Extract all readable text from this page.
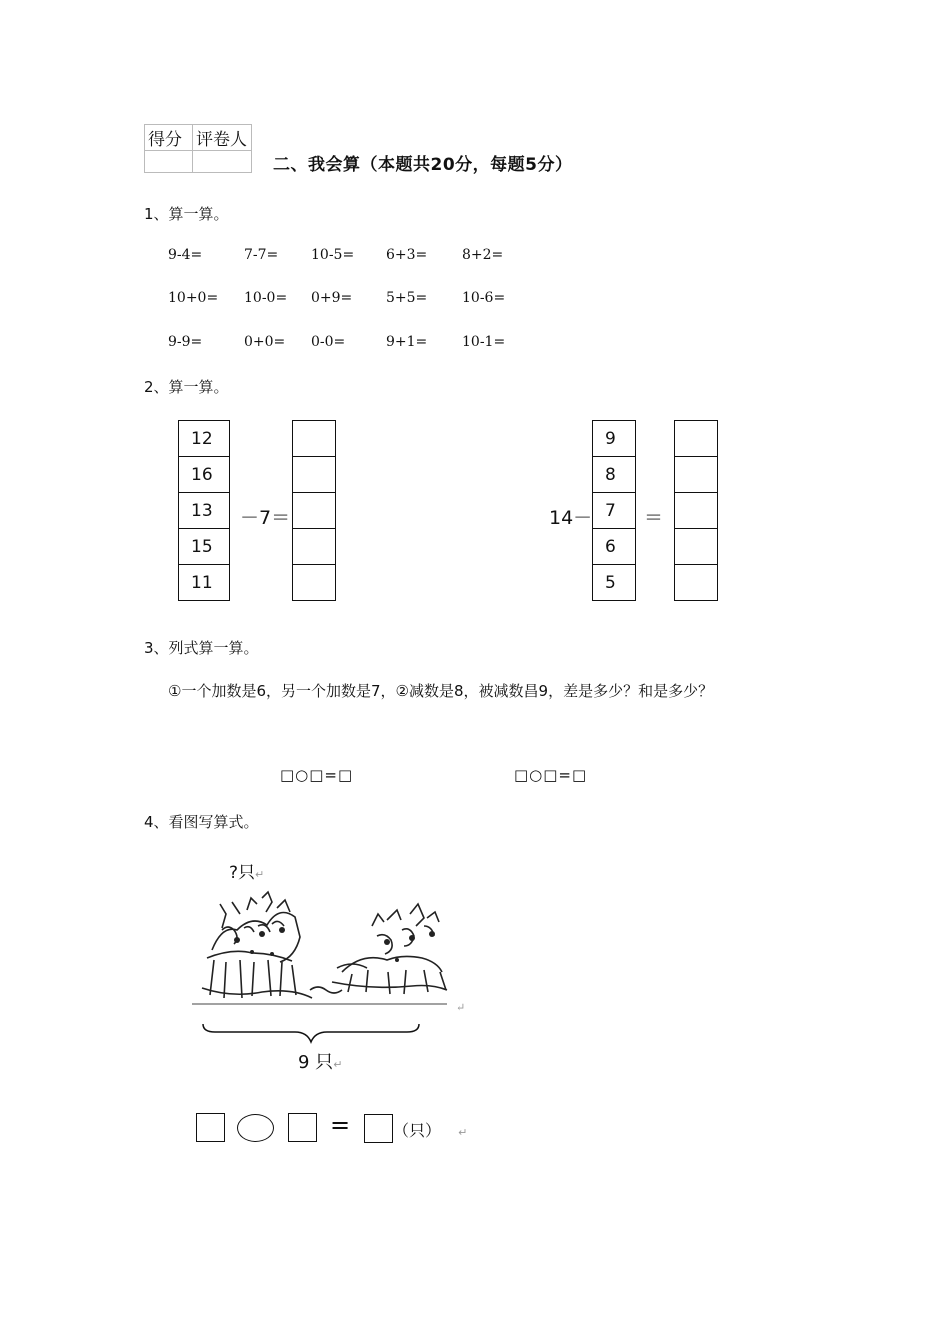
得分	评卷人

二、我会算（本题共20分，每题5分）
1、算一算。
9-4=	7-7= 10-5= 6+3= 8+2=
10+0= 10-0= 0+9= 5+5= 10-6=
9-9=	0+0= 0-0=	9+1= 10-1=
2、算一算。
12
16
13
15
11
－7＝	14－
9
8
7
6
5
＝
3、列式算一算。
①一个加数是6，另一个加数是7，②减数是8，被减数昌9，差是多少？和是多少？
□○□=□	□○□=□
4、看图写算式。
?只↵
↵
9 只↵
=	（只） ↵
